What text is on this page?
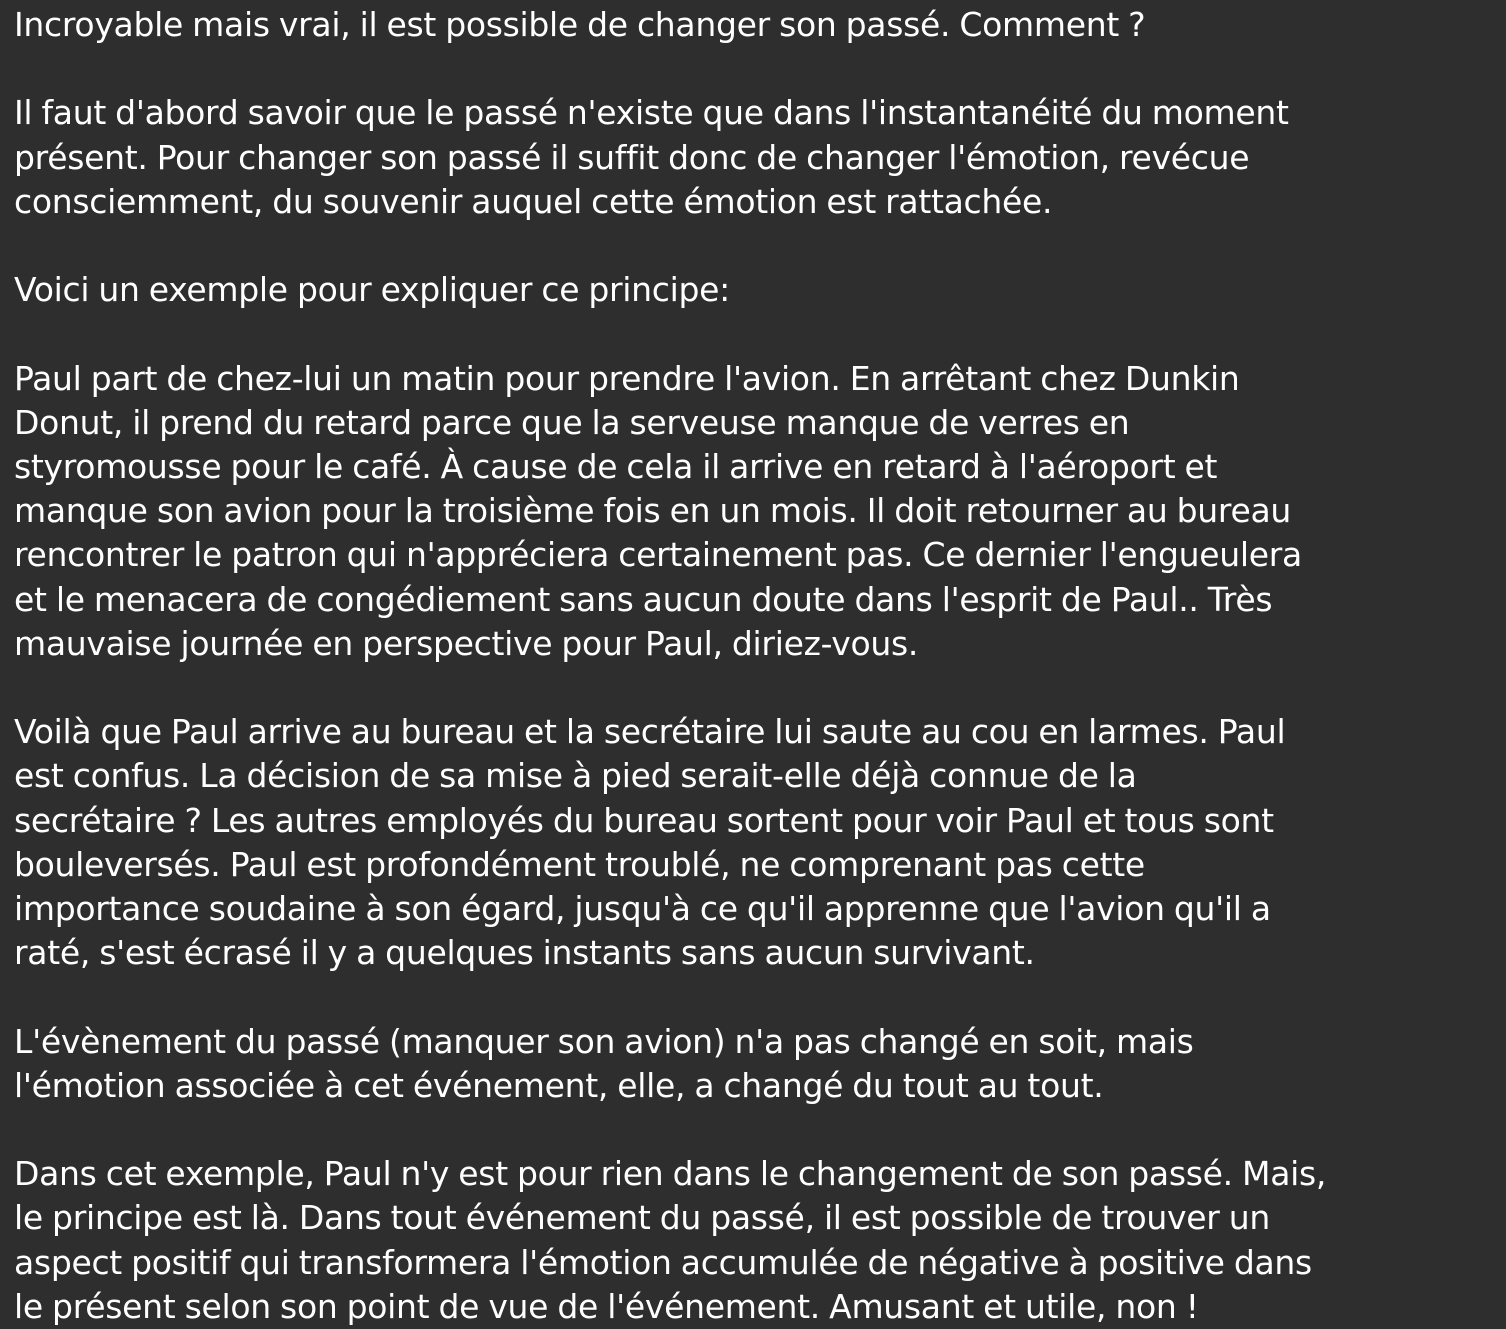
Incroyable mais vrai, il est possible de changer son passé. Comment ?

Il faut d'abord savoir que le passé n'existe que dans l'instantanéité du moment
présent. Pour changer son passé il suffit donc de changer l'émotion, revécue
consciemment, du souvenir auquel cette émotion est rattachée.

Voici un exemple pour expliquer ce principe:

Paul part de chez-lui un matin pour prendre l'avion. En arrêtant chez Dunkin
Donut, il prend du retard parce que la serveuse manque de verres en
styromousse pour le café. À cause de cela il arrive en retard à l'aéroport et
manque son avion pour la troisième fois en un mois. Il doit retourner au bureau
rencontrer le patron qui n'appréciera certainement pas. Ce dernier l'engueulera
et le menacera de congédiement sans aucun doute dans l'esprit de Paul.. Très
mauvaise journée en perspective pour Paul, diriez-vous.

Voilà que Paul arrive au bureau et la secrétaire lui saute au cou en larmes. Paul
est confus. La décision de sa mise à pied serait-elle déjà connue de la
secrétaire ? Les autres employés du bureau sortent pour voir Paul et tous sont
bouleversés. Paul est profondément troublé, ne comprenant pas cette
importance soudaine à son égard, jusqu'à ce qu'il apprenne que l'avion qu'il a
raté, s'est écrasé il y a quelques instants sans aucun survivant.

L'évènement du passé (manquer son avion) n'a pas changé en soit, mais
l'émotion associée à cet événement, elle, a changé du tout au tout.

Dans cet exemple, Paul n'y est pour rien dans le changement de son passé. Mais,
le principe est là. Dans tout événement du passé, il est possible de trouver un
aspect positif qui transformera l'émotion accumulée de négative à positive dans
le présent selon son point de vue de l'événement. Amusant et utile, non !
